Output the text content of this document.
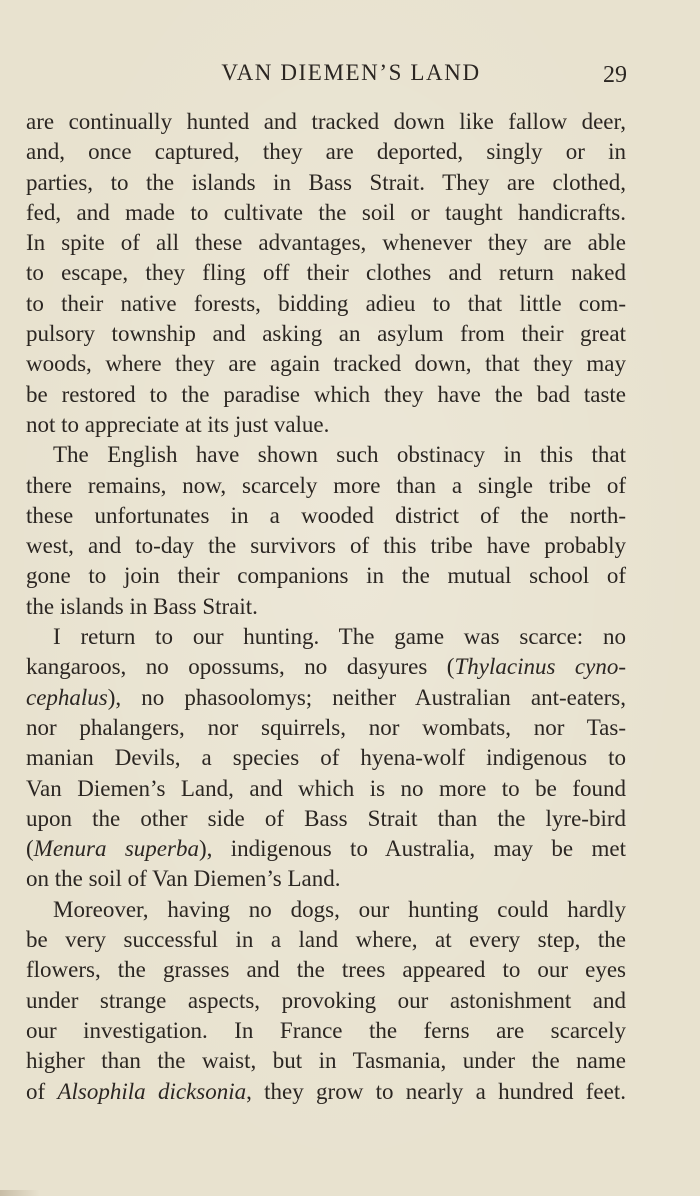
VAN DIEMEN’S LAND	29

are continually hunted and tracked down like fallow deer,
and, once captured, they are deported, singly or in
parties, to the islands in Bass Strait. They are clothed,
fed, and made to cultivate the soil or taught handicrafts.
In spite of all these advantages, whenever they are able
to escape, they fling off their clothes and return naked
to their native forests, bidding adieu to that little com-
pulsory township and asking an asylum from their great
woods, where they are again tracked down, that they may
be restored to the paradise which they have the bad taste
not to appreciate at its just value.

The English have shown such obstinacy in this that
there remains, now, scarcely more than a single tribe of
these unfortunates in a wooded district of the north-
west, and to-day the survivors of this tribe have probably
gone to join their companions in the mutual school of
the islands in Bass Strait.

I return to our hunting. The game was scarce: no
kangaroos, no opossums, no dasyures (Thylacinus cyno-
cephalus), no phasoolomys; neither Australian ant-eaters,
nor phalangers, nor squirrels, nor wombats, nor Tas-
manian Devils, a species of hyena-wolf indigenous to
Van Diemen’s Land, and which is no more to be found
upon the other side of Bass Strait than the lyre-bird
(Menura superba), indigenous to Australia, may be met
on the soil of Van Diemen’s Land.

Moreover, having no dogs, our hunting could hardly
be very successful in a land where, at every step, the
flowers, the grasses and the trees appeared to our eyes
under strange aspects, provoking our astonishment and
our investigation. In France the ferns are scarcely
higher than the waist, but in Tasmania, under the name
of Alsophila dicksonia, they grow to nearly a hundred feet.
